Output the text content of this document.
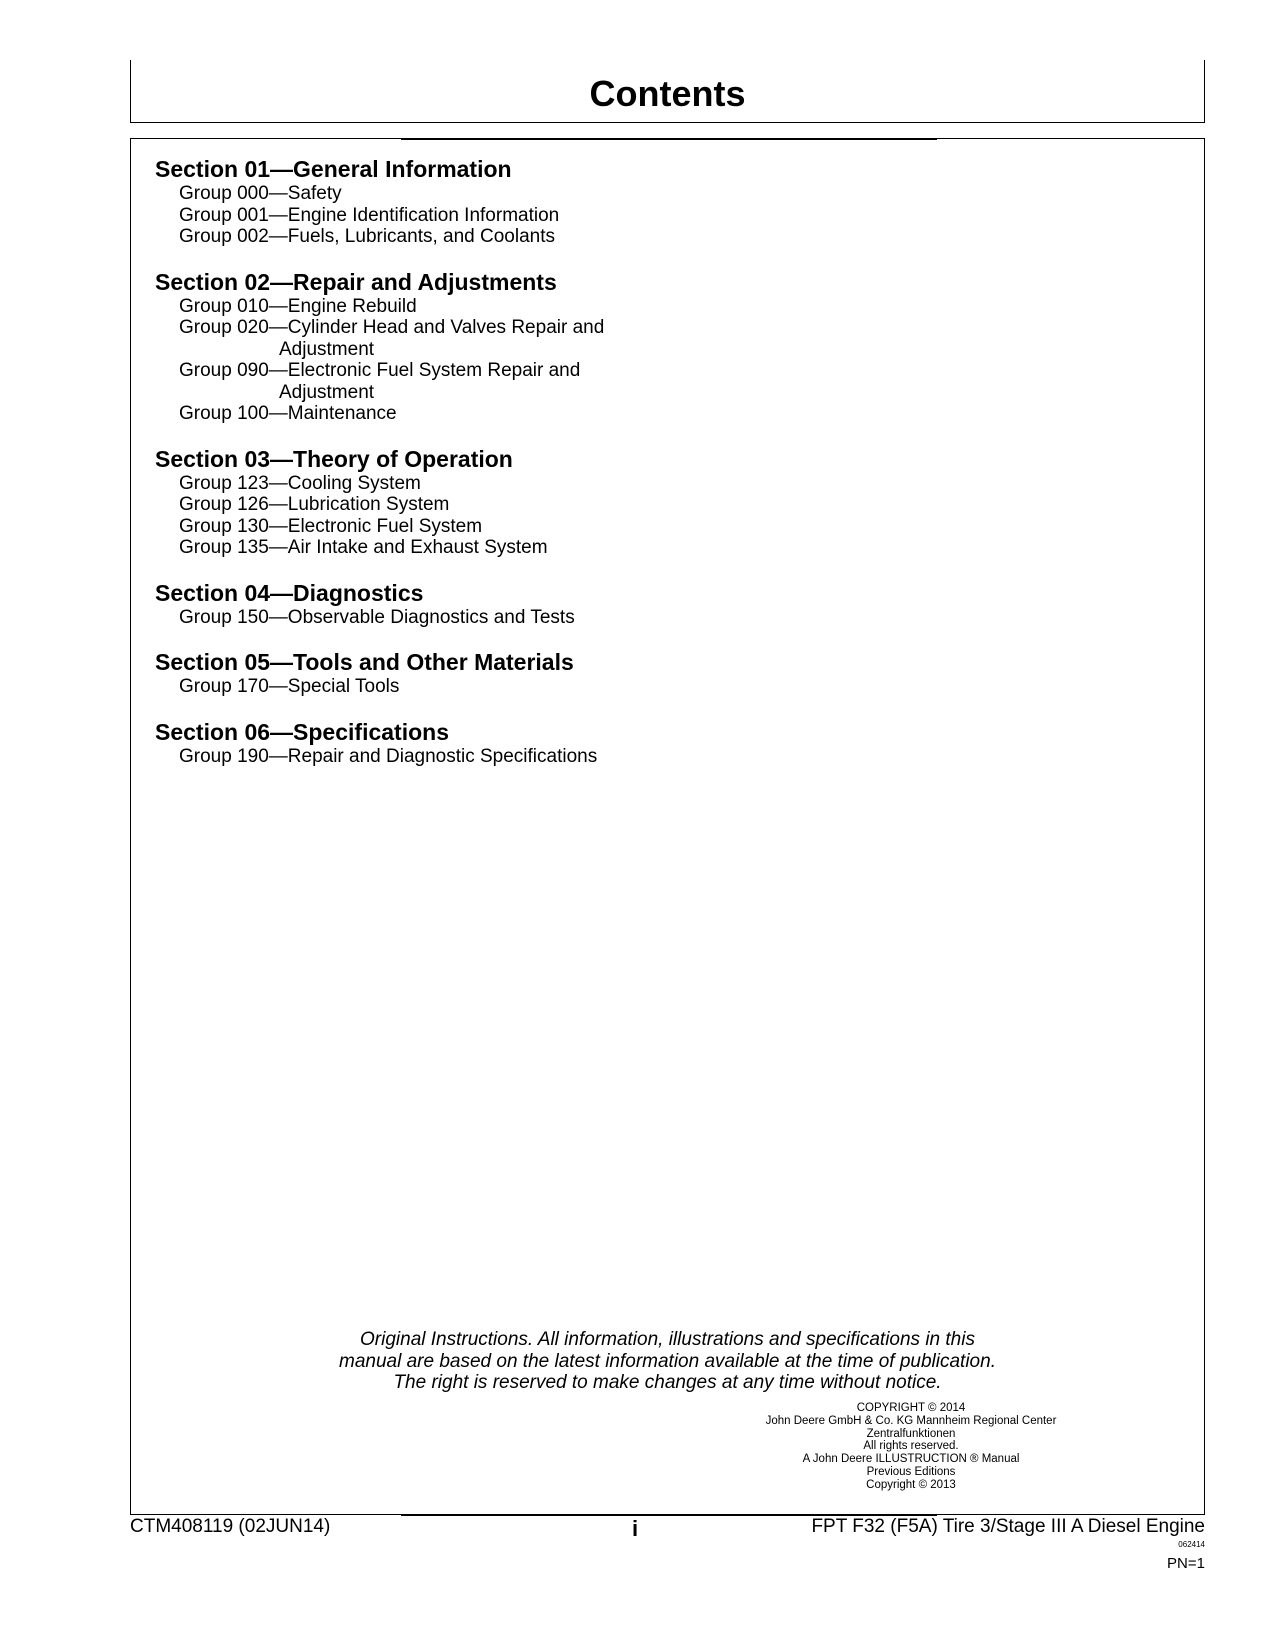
Contents
Section 01—General Information
Group 000—Safety
Group 001—Engine Identification Information
Group 002—Fuels, Lubricants, and Coolants
Section 02—Repair and Adjustments
Group 010—Engine Rebuild
Group 020—Cylinder Head and Valves Repair and
Adjustment
Group 090—Electronic Fuel System Repair and
Adjustment
Group 100—Maintenance
Section 03—Theory of Operation
Group 123—Cooling System
Group 126—Lubrication System
Group 130—Electronic Fuel System
Group 135—Air Intake and Exhaust System
Section 04—Diagnostics
Group 150—Observable Diagnostics and Tests
Section 05—Tools and Other Materials
Group 170—Special Tools
Section 06—Specifications
Group 190—Repair and Diagnostic Specifications
Original Instructions. All information, illustrations and specifications in this
manual are based on the latest information available at the time of publication.
The right is reserved to make changes at any time without notice.
COPYRIGHT © 2014
John Deere GmbH & Co. KG Mannheim Regional Center
Zentralfunktionen
All rights reserved.
A John Deere ILLUSTRUCTION ® Manual
Previous Editions
Copyright © 2013
CTM408119 (02JUN14)	i	FPT F32 (F5A) Tire 3/Stage III A Diesel Engine
062414
PN=1
